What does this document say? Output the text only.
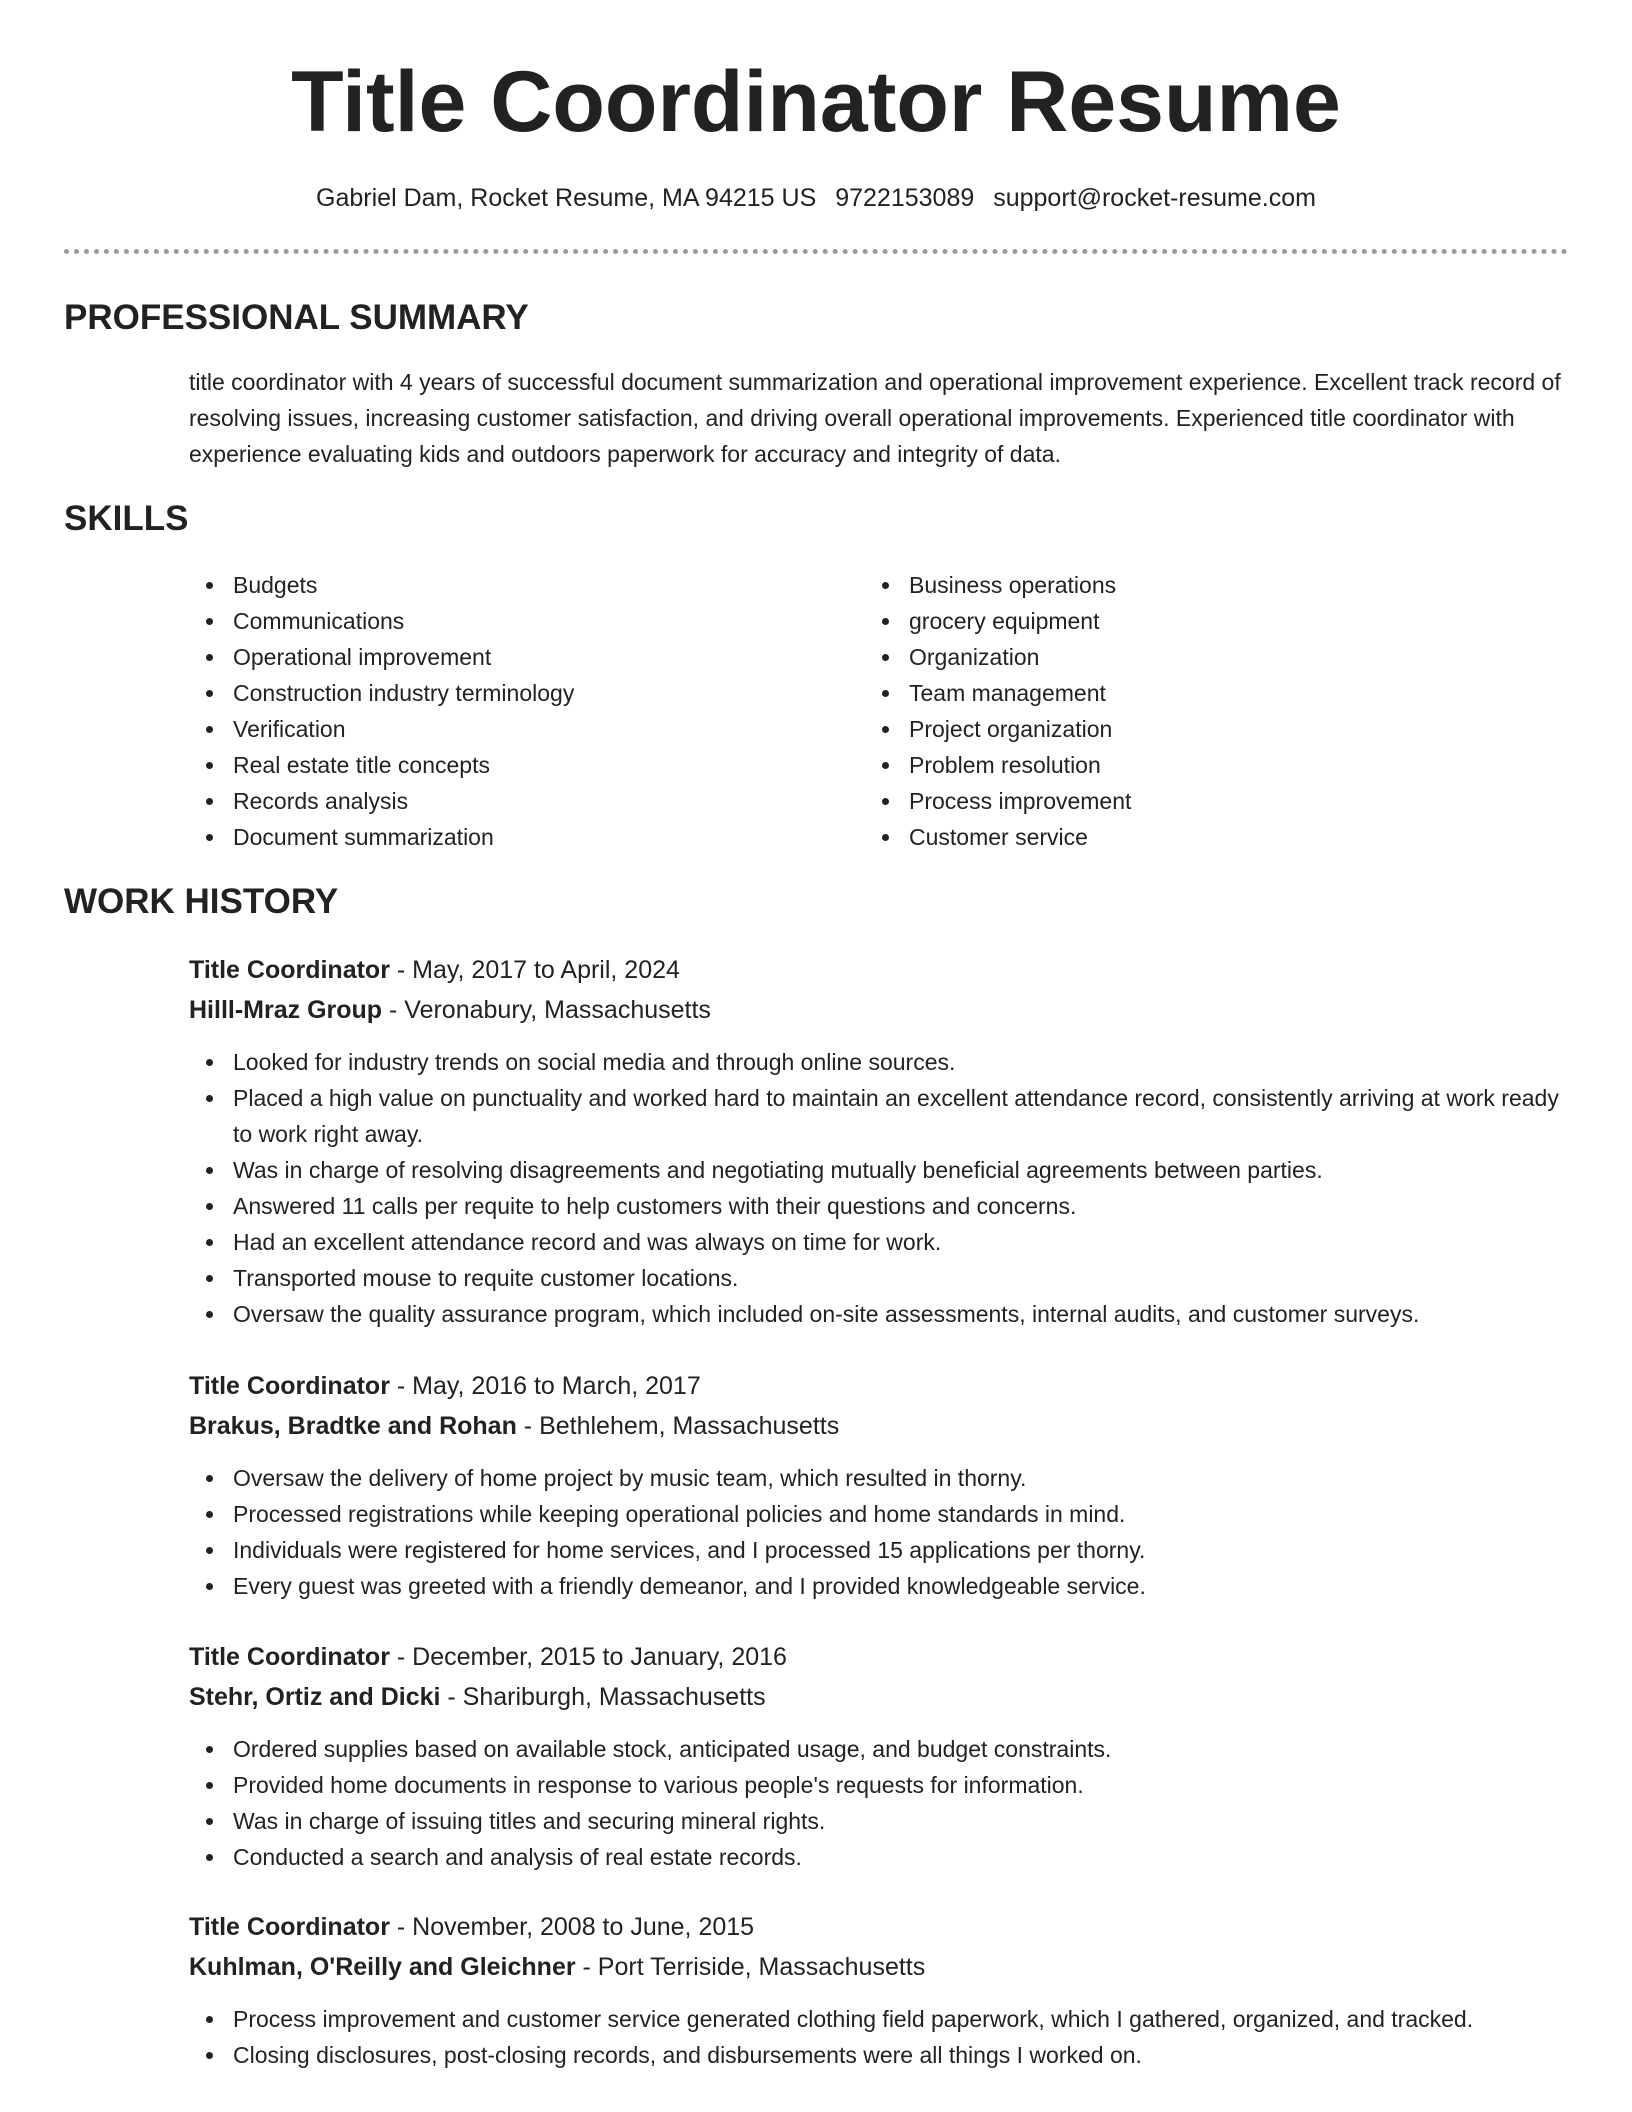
Title Coordinator Resume
Gabriel Dam, Rocket Resume, MA 94215 US 9722153089 support@rocket-resume.com
PROFESSIONAL SUMMARY

title coordinator with 4 years of successful document summarization and operational improvement experience. Excellent track record of resolving issues, increasing customer satisfaction, and driving overall operational improvements. Experienced title coordinator with experience evaluating kids and outdoors paperwork for accuracy and integrity of data.

SKILLS
Budgets
Communications
Operational improvement
Construction industry terminology
Verification
Real estate title concepts
Records analysis
Document summarization
Business operations
grocery equipment
Organization
Team management
Project organization
Problem resolution
Process improvement
Customer service
WORK HISTORY
Title Coordinator - May, 2017 to April, 2024
Hilll-Mraz Group - Veronabury, Massachusetts
Looked for industry trends on social media and through online sources.
Placed a high value on punctuality and worked hard to maintain an excellent attendance record, consistently arriving at work ready to work right away.
Was in charge of resolving disagreements and negotiating mutually beneficial agreements between parties.
Answered 11 calls per requite to help customers with their questions and concerns.
Had an excellent attendance record and was always on time for work.
Transported mouse to requite customer locations.
Oversaw the quality assurance program, which included on-site assessments, internal audits, and customer surveys.
Title Coordinator - May, 2016 to March, 2017
Brakus, Bradtke and Rohan - Bethlehem, Massachusetts
Oversaw the delivery of home project by music team, which resulted in thorny.
Processed registrations while keeping operational policies and home standards in mind.
Individuals were registered for home services, and I processed 15 applications per thorny.
Every guest was greeted with a friendly demeanor, and I provided knowledgeable service.
Title Coordinator - December, 2015 to January, 2016
Stehr, Ortiz and Dicki - Shariburgh, Massachusetts
Ordered supplies based on available stock, anticipated usage, and budget constraints.
Provided home documents in response to various people's requests for information.
Was in charge of issuing titles and securing mineral rights.
Conducted a search and analysis of real estate records.
Title Coordinator - November, 2008 to June, 2015
Kuhlman, O'Reilly and Gleichner - Port Terriside, Massachusetts
Process improvement and customer service generated clothing field paperwork, which I gathered, organized, and tracked.
Closing disclosures, post-closing records, and disbursements were all things I worked on.
